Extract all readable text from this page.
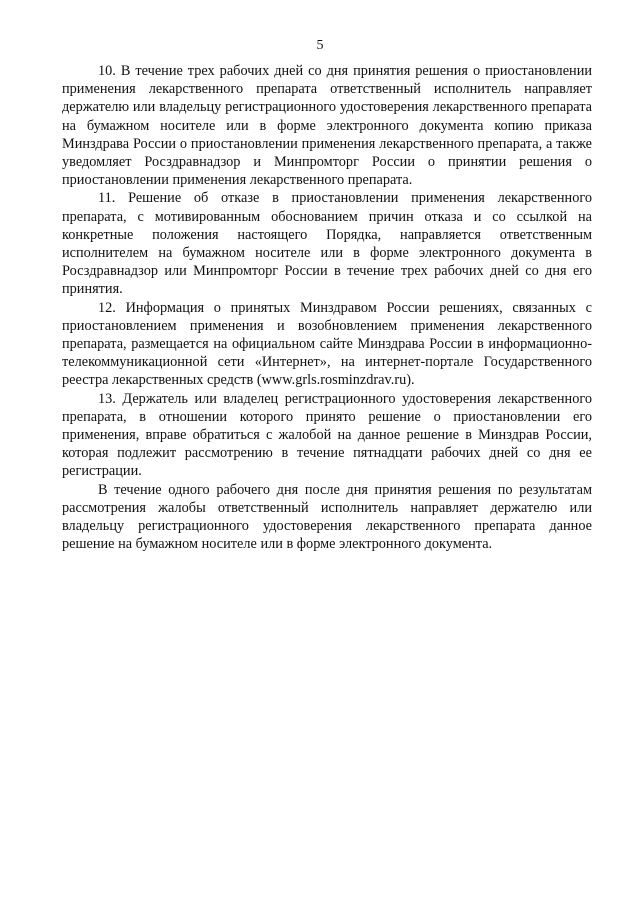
5

10. В течение трех рабочих дней со дня принятия решения о приостановлении применения лекарственного препарата ответственный исполнитель направляет держателю или владельцу регистрационного удостоверения лекарственного препарата на бумажном носителе или в форме электронного документа копию приказа Минздрава России о приостановлении применения лекарственного препарата, а также уведомляет Росздравнадзор и Минпромторг России о принятии решения о приостановлении применения лекарственного препарата.

11. Решение об отказе в приостановлении применения лекарственного препарата, с мотивированным обоснованием причин отказа и со ссылкой на конкретные положения настоящего Порядка, направляется ответственным исполнителем на бумажном носителе или в форме электронного документа в Росздравнадзор или Минпромторг России в течение трех рабочих дней со дня его принятия.

12. Информация о принятых Минздравом России решениях, связанных с приостановлением применения и возобновлением применения лекарственного препарата, размещается на официальном сайте Минздрава России в информационно-телекоммуникационной сети «Интернет», на интернет-портале Государственного реестра лекарственных средств (www.grls.rosminzdrav.ru).

13. Держатель или владелец регистрационного удостоверения лекарственного препарата, в отношении которого принято решение о приостановлении его применения, вправе обратиться с жалобой на данное решение в Минздрав России, которая подлежит рассмотрению в течение пятнадцати рабочих дней со дня ее регистрации.

В течение одного рабочего дня после дня принятия решения по результатам рассмотрения жалобы ответственный исполнитель направляет держателю или владельцу регистрационного удостоверения лекарственного препарата данное решение на бумажном носителе или в форме электронного документа.
